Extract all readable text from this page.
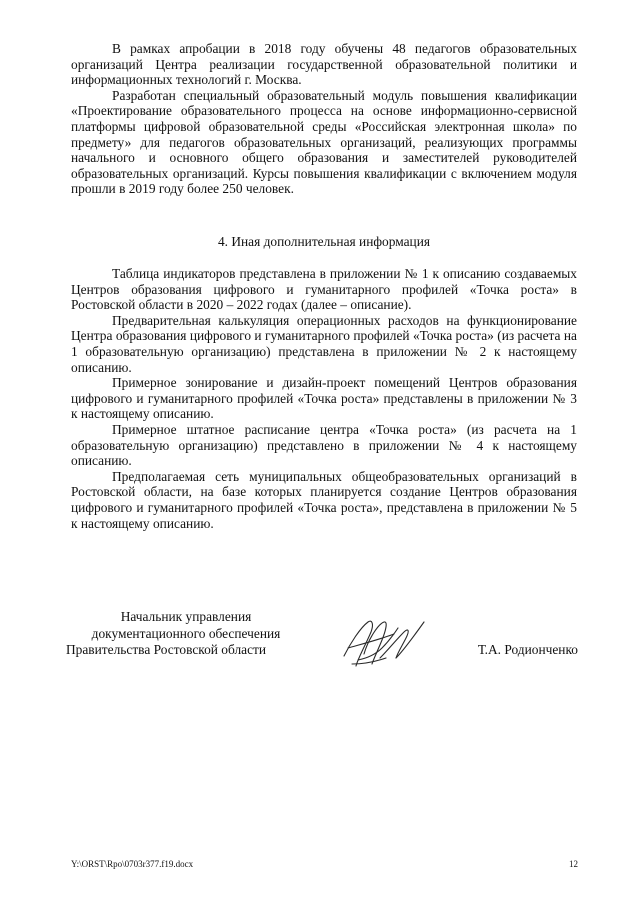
В рамках апробации в 2018 году обучены 48 педагогов образовательных организаций Центра реализации государственной образовательной политики и информационных технологий г. Москва.

Разработан специальный образовательный модуль повышения квалификации «Проектирование образовательного процесса на основе информационно-сервисной платформы цифровой образовательной среды «Российская электронная школа» по предмету» для педагогов образовательных организаций, реализующих программы начального и основного общего образования и заместителей руководителей образовательных организаций. Курсы повышения квалификации с включением модуля прошли в 2019 году более 250 человек.

4. Иная дополнительная информация

Таблица индикаторов представлена в приложении № 1 к описанию создаваемых Центров образования цифрового и гуманитарного профилей «Точка роста» в Ростовской области в 2020 – 2022 годах (далее – описание).

Предварительная калькуляция операционных расходов на функционирование Центра образования цифрового и гуманитарного профилей «Точка роста» (из расчета на 1 образовательную организацию) представлена в приложении № 2 к настоящему описанию.

Примерное зонирование и дизайн-проект помещений Центров образования цифрового и гуманитарного профилей «Точка роста» представлены в приложении № 3 к настоящему описанию.

Примерное штатное расписание центра «Точка роста» (из расчета на 1 образовательную организацию) представлено в приложении № 4 к настоящему описанию.

Предполагаемая сеть муниципальных общеобразовательных организаций в Ростовской области, на базе которых планируется создание Центров образования цифрового и гуманитарного профилей «Точка роста», представлена в приложении № 5 к настоящему описанию.

Начальник управления
документационного обеспечения
Правительства Ростовской области	Т.А. Родионченко
Y:\ORST\Rpo\0703r377.f19.docx	12
